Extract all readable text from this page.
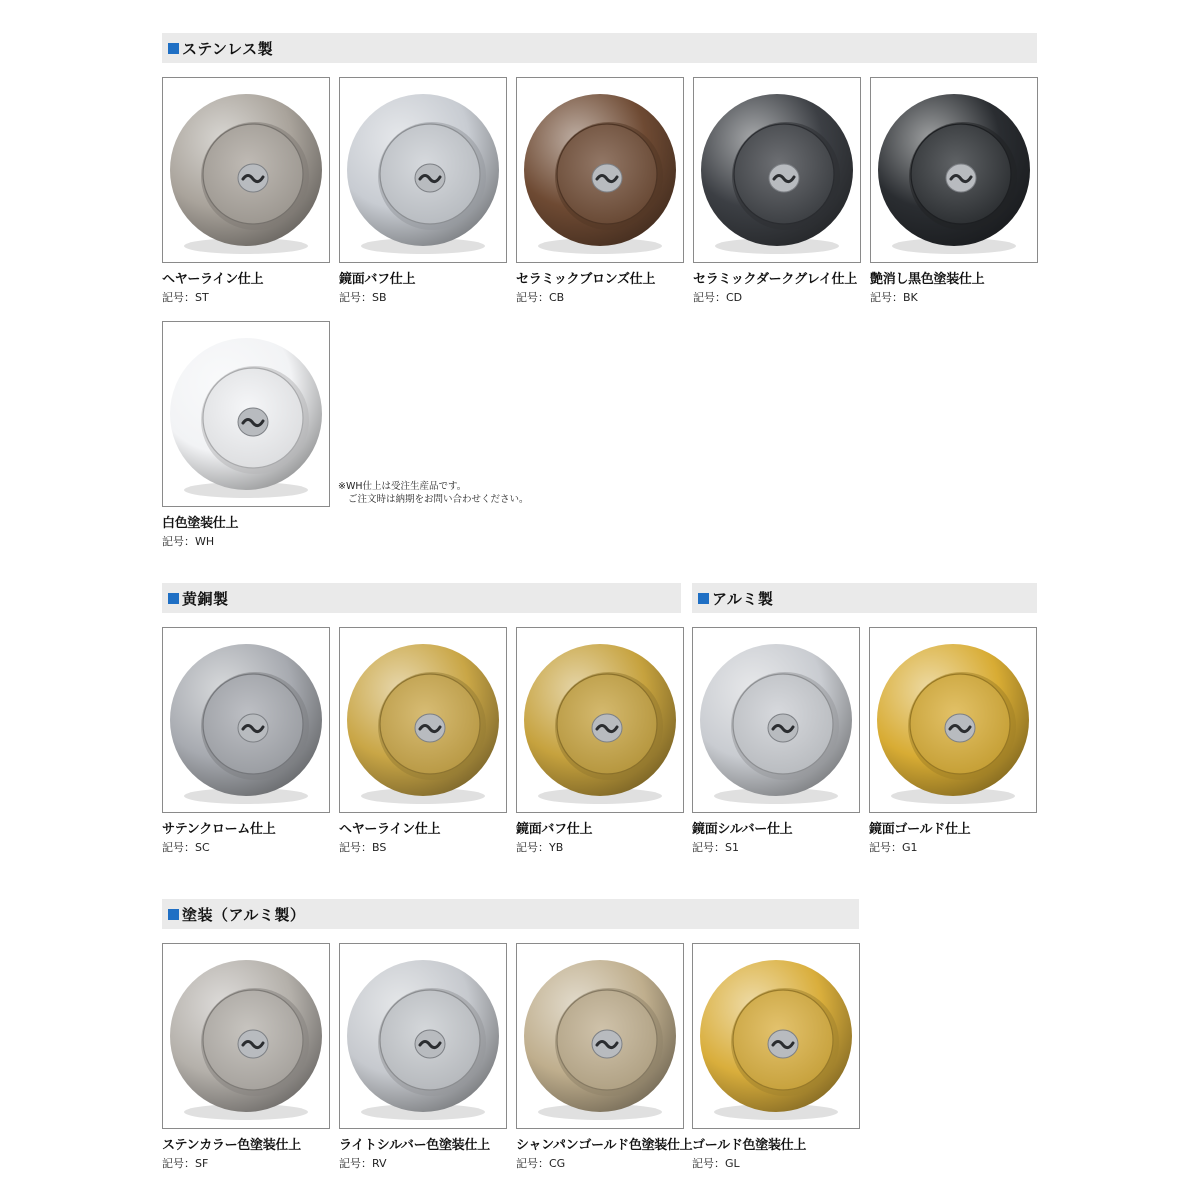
ステンレス製
黄銅製	アルミ製
塗装（アルミ製）
ヘヤーライン仕上
記号：ST
鏡面バフ仕上
記号：SB
セラミックブロンズ仕上
記号：CB
セラミックダークグレイ仕上
記号：CD
艶消し黒色塗装仕上
記号：BK
白色塗装仕上
記号：WH
※WH仕上は受注生産品です。
ご注文時は納期をお問い合わせください。
サテンクローム仕上
記号：SC
ヘヤーライン仕上
記号：BS
鏡面バフ仕上
記号：YB
鏡面シルバー仕上
記号：S1
鏡面ゴールド仕上
記号：G1
ステンカラー色塗装仕上
記号：SF
ライトシルバー色塗装仕上
記号：RV
シャンパンゴールド色塗装仕上
記号：CG
ゴールド色塗装仕上
記号：GL
